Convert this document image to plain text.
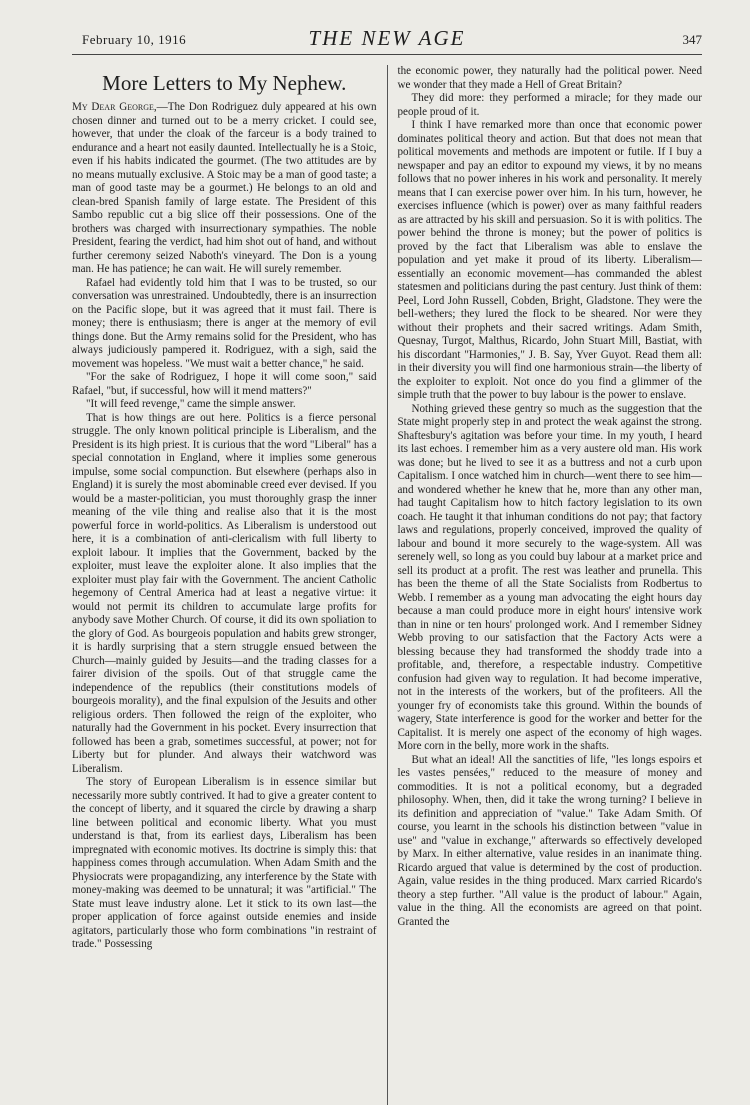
February 10, 1916	THE NEW AGE	347
More Letters to My Nephew.

My Dear George,—The Don Rodriguez duly appeared at his own chosen dinner and turned out to be a merry cricket. I could see, however, that under the cloak of the farceur is a body trained to endurance and a heart not easily daunted. Intellectually he is a Stoic, even if his habits indicated the gourmet. (The two attitudes are by no means mutually exclusive. A Stoic may be a man of good taste; a man of good taste may be a gourmet.) He belongs to an old and clean-bred Spanish family of large estate. The President of this Sambo republic cut a big slice off their possessions. One of the brothers was charged with insurrectionary sympathies. The noble President, fearing the verdict, had him shot out of hand, and without further ceremony seized Naboth's vineyard. The Don is a young man. He has patience; he can wait. He will surely remember.

Rafael had evidently told him that I was to be trusted, so our conversation was unrestrained. Undoubtedly, there is an insurrection on the Pacific slope, but it was agreed that it must fail. There is money; there is enthusiasm; there is anger at the memory of evil things done. But the Army remains solid for the President, who has always judiciously pampered it. Rodriguez, with a sigh, said the movement was hopeless. "We must wait a better chance," he said.

"For the sake of Rodriguez, I hope it will come soon," said Rafael, "but, if successful, how will it mend matters?"

"It will feed revenge," came the simple answer.

That is how things are out here. Politics is a fierce personal struggle. The only known political principle is Liberalism, and the President is its high priest. It is curious that the word "Liberal" has a special connotation in England, where it implies some generous impulse, some social compunction. But elsewhere (perhaps also in England) it is surely the most abominable creed ever devised. If you would be a master-politician, you must thoroughly grasp the inner meaning of the vile thing and realise also that it is the most powerful force in world-politics. As Liberalism is understood out here, it is a combination of anti-clericalism with full liberty to exploit labour. It implies that the Government, backed by the exploiter, must leave the exploiter alone. It also implies that the exploiter must play fair with the Government. The ancient Catholic hegemony of Central America had at least a negative virtue: it would not permit its children to accumulate large profits for anybody save Mother Church. Of course, it did its own spoliation to the glory of God. As bourgeois population and habits grew stronger, it is hardly surprising that a stern struggle ensued between the Church—mainly guided by Jesuits—and the trading classes for a fairer division of the spoils. Out of that struggle came the independence of the republics (their constitutions models of bourgeois morality), and the final expulsion of the Jesuits and other religious orders. Then followed the reign of the exploiter, who naturally had the Government in his pocket. Every insurrection that followed has been a grab, sometimes successful, at power; not for Liberty but for plunder. And always their watchword was Liberalism.

The story of European Liberalism is in essence similar but necessarily more subtly contrived. It had to give a greater content to the concept of liberty, and it squared the circle by drawing a sharp line between political and economic liberty. What you must understand is that, from its earliest days, Liberalism has been impregnated with economic motives. Its doctrine is simply this: that happiness comes through accumulation. When Adam Smith and the Physiocrats were propagandizing, any interference by the State with money-making was deemed to be unnatural; it was "artificial." The State must leave industry alone. Let it stick to its own last—the proper application of force against outside enemies and inside agitators, particularly those who form combinations "in restraint of trade." Possessing

the economic power, they naturally had the political power. Need we wonder that they made a Hell of Great Britain?

They did more: they performed a miracle; for they made our people proud of it.

I think I have remarked more than once that economic power dominates political theory and action. But that does not mean that political movements and methods are impotent or futile. If I buy a newspaper and pay an editor to expound my views, it by no means follows that no power inheres in his work and personality. It merely means that I can exercise power over him. In his turn, however, he exercises influence (which is power) over as many faithful readers as are attracted by his skill and persuasion. So it is with politics. The power behind the throne is money; but the power of politics is proved by the fact that Liberalism was able to enslave the population and yet make it proud of its liberty. Liberalism—essentially an economic movement—has commanded the ablest statesmen and politicians during the past century. Just think of them: Peel, Lord John Russell, Cobden, Bright, Gladstone. They were the bell-wethers; they lured the flock to be sheared. Nor were they without their prophets and their sacred writings. Adam Smith, Quesnay, Turgot, Malthus, Ricardo, John Stuart Mill, Bastiat, with his discordant "Harmonies," J. B. Say, Yver Guyot. Read them all: in their diversity you will find one harmonious strain—the liberty of the exploiter to exploit. Not once do you find a glimmer of the simple truth that the power to buy labour is the power to enslave.

Nothing grieved these gentry so much as the suggestion that the State might properly step in and protect the weak against the strong. Shaftesbury's agitation was before your time. In my youth, I heard its last echoes. I remember him as a very austere old man. His work was done; but he lived to see it as a buttress and not a curb upon Capitalism. I once watched him in church—went there to see him—and wondered whether he knew that he, more than any other man, had taught Capitalism how to hitch factory legislation to its own coach. He taught it that inhuman conditions do not pay; that factory laws and regulations, properly conceived, improved the quality of labour and bound it more securely to the wage-system. All was serenely well, so long as you could buy labour at a market price and sell its product at a profit. The rest was leather and prunella. This has been the theme of all the State Socialists from Rodbertus to Webb. I remember as a young man advocating the eight hours day because a man could produce more in eight hours' intensive work than in nine or ten hours' prolonged work. And I remember Sidney Webb proving to our satisfaction that the Factory Acts were a blessing because they had transformed the shoddy trade into a profitable, and, therefore, a respectable industry. Competitive confusion had given way to regulation. It had become imperative, not in the interests of the workers, but of the profiteers. All the younger fry of economists take this ground. Within the bounds of wagery, State interference is good for the worker and better for the Capitalist. It is merely one aspect of the economy of high wages. More corn in the belly, more work in the shafts.

But what an ideal! All the sanctities of life, "les longs espoirs et les vastes pensées," reduced to the measure of money and commodities. It is not a political economy, but a degraded philosophy. When, then, did it take the wrong turning? I believe in its definition and appreciation of "value." Take Adam Smith. Of course, you learnt in the schools his distinction between "value in use" and "value in exchange," afterwards so effectively developed by Marx. In either alternative, value resides in an inanimate thing. Ricardo argued that value is determined by the cost of production. Again, value resides in the thing produced. Marx carried Ricardo's theory a step further. "All value is the product of labour." Again, value in the thing. All the economists are agreed on that point. Granted the
